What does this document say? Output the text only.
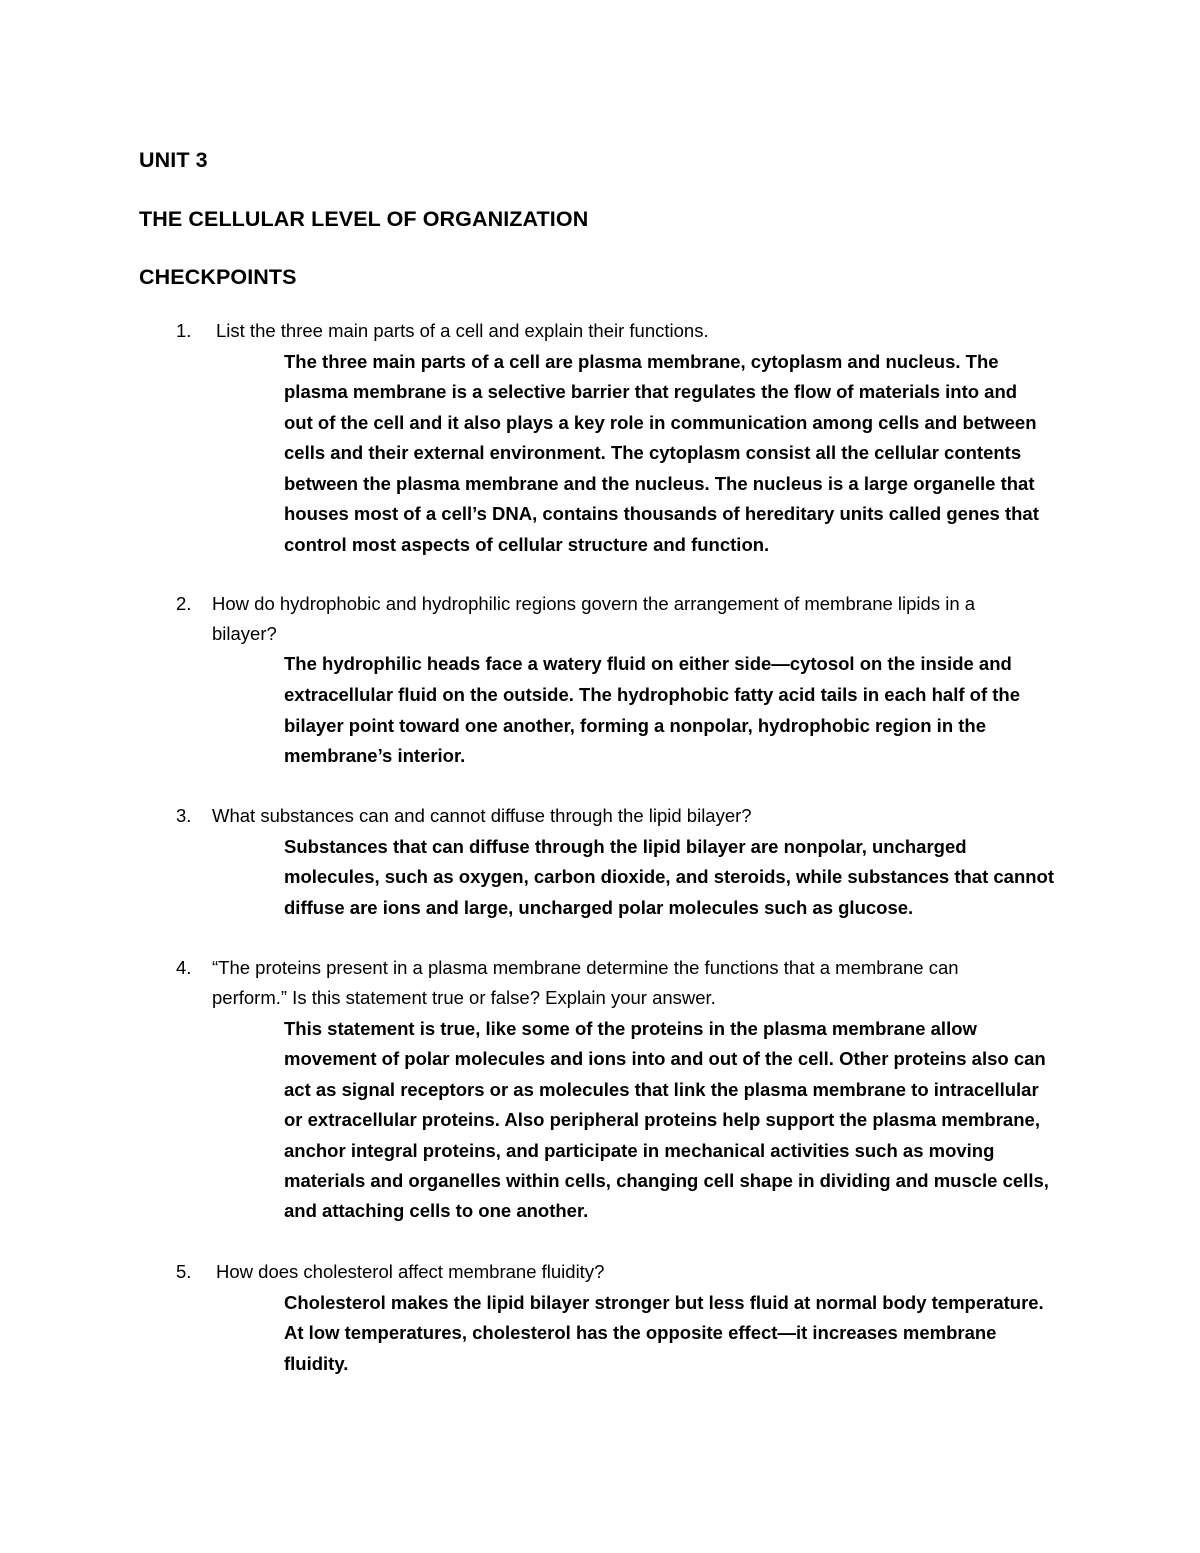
UNIT 3
THE CELLULAR LEVEL OF ORGANIZATION
CHECKPOINTS
1. List the three main parts of a cell and explain their functions.
The three main parts of a cell are plasma membrane, cytoplasm and nucleus. The
plasma membrane is a selective barrier that regulates the flow of materials into and
out of the cell and it also plays a key role in communication among cells and between
cells and their external environment. The cytoplasm consist all the cellular contents
between the plasma membrane and the nucleus. The nucleus is a large organelle that
houses most of a cell’s DNA, contains thousands of hereditary units called genes that
control most aspects of cellular structure and function.
2. How do hydrophobic and hydrophilic regions govern the arrangement of membrane lipids in a
bilayer?
The hydrophilic heads face a watery fluid on either side—cytosol on the inside and
extracellular fluid on the outside. The hydrophobic fatty acid tails in each half of the
bilayer point toward one another, forming a nonpolar, hydrophobic region in the
membrane’s interior.
3. What substances can and cannot diffuse through the lipid bilayer?
Substances that can diffuse through the lipid bilayer are nonpolar, uncharged
molecules, such as oxygen, carbon dioxide, and steroids, while substances that cannot
diffuse are ions and large, uncharged polar molecules such as glucose.
4. “The proteins present in a plasma membrane determine the functions that a membrane can
perform.” Is this statement true or false? Explain your answer.
This statement is true, like some of the proteins in the plasma membrane allow
movement of polar molecules and ions into and out of the cell. Other proteins also can
act as signal receptors or as molecules that link the plasma membrane to intracellular
or extracellular proteins. Also peripheral proteins help support the plasma membrane,
anchor integral proteins, and participate in mechanical activities such as moving
materials and organelles within cells, changing cell shape in dividing and muscle cells,
and attaching cells to one another.
5. How does cholesterol affect membrane fluidity?
Cholesterol makes the lipid bilayer stronger but less fluid at normal body temperature.
At low temperatures, cholesterol has the opposite effect—it increases membrane
fluidity.
